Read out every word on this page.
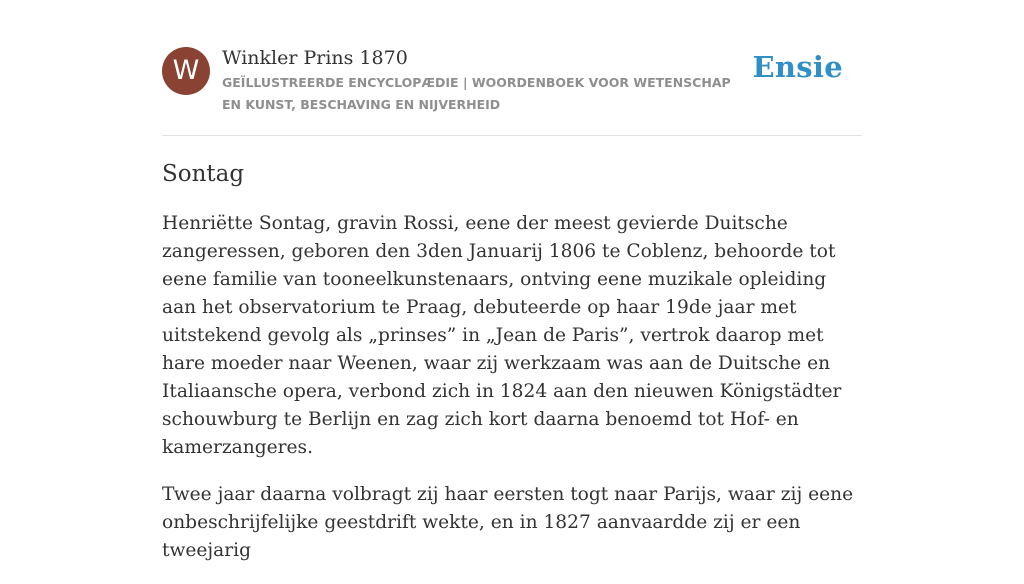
W	Winkler Prins 1870

GEÏLLUSTREERDE ENCYCLOPÆDIE | WOORDENBOEK VOOR WETENSCHAP EN KUNST, BESCHAVING EN NIJVERHEID

Ensie
Sontag

Henriëtte Sontag, gravin Rossi, eene der meest gevierde Duitsche zangeressen, geboren den 3den Januarij 1806 te Coblenz, behoorde tot eene familie van tooneelkunstenaars, ontving eene muzikale opleiding aan het observatorium te Praag, debuteerde op haar 19de jaar met uitstekend gevolg als „prinses” in „Jean de Paris”, vertrok daarop met hare moeder naar Weenen, waar zij werkzaam was aan de Duitsche en Italiaansche opera, verbond zich in 1824 aan den nieuwen Königstädter schouwburg te Berlijn en zag zich kort daarna benoemd tot Hof- en kamerzangeres.

Twee jaar daarna volbragt zij haar eersten togt naar Parijs, waar zij eene onbeschrijfelijke geestdrift wekte, en in 1827 aanvaardde zij er een tweejarig
